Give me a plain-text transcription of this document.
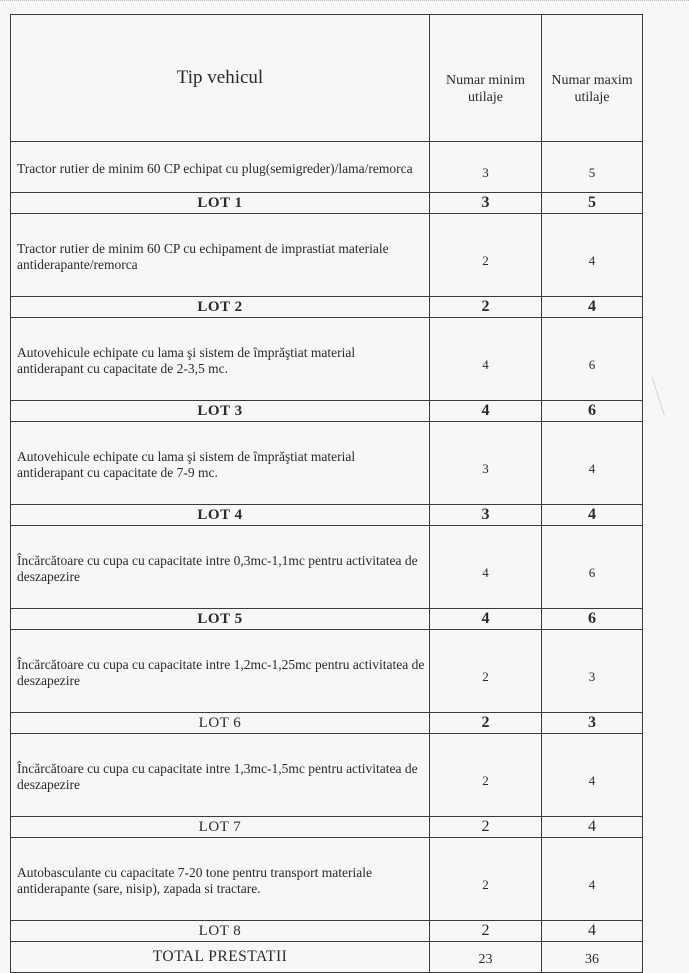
Tip vehicul	Numar minim utilaje	Numar maxim utilaje
Tractor rutier de minim 60 CP echipat cu plug(semigreder)/lama/remorca	3	5
LOT 1	3	5
Tractor rutier de minim 60 CP cu echipament de imprastiat materiale antiderapante/remorca	2	4
LOT 2	2	4
Autovehicule echipate cu lama şi sistem de împrăştiat material antiderapant cu capacitate de 2-3,5 mc.	4	6
LOT 3	4	6
Autovehicule echipate cu lama şi sistem de împrăştiat material antiderapant cu capacitate de 7-9 mc.	3	4
LOT 4	3	4
Încărcătoare cu cupa cu capacitate intre 0,3mc-1,1mc pentru activitatea de deszapezire	4	6
LOT 5	4	6
Încărcătoare cu cupa cu capacitate intre 1,2mc-1,25mc pentru activitatea de deszapezire	2	3
LOT 6	2	3
Încărcătoare cu cupa cu capacitate intre 1,3mc-1,5mc pentru activitatea de deszapezire	2	4
LOT 7	2	4
Autobasculante cu capacitate 7-20 tone pentru transport materiale antiderapante (sare, nisip), zapada si tractare.	2	4
LOT 8	2	4
TOTAL PRESTATII	23	36
